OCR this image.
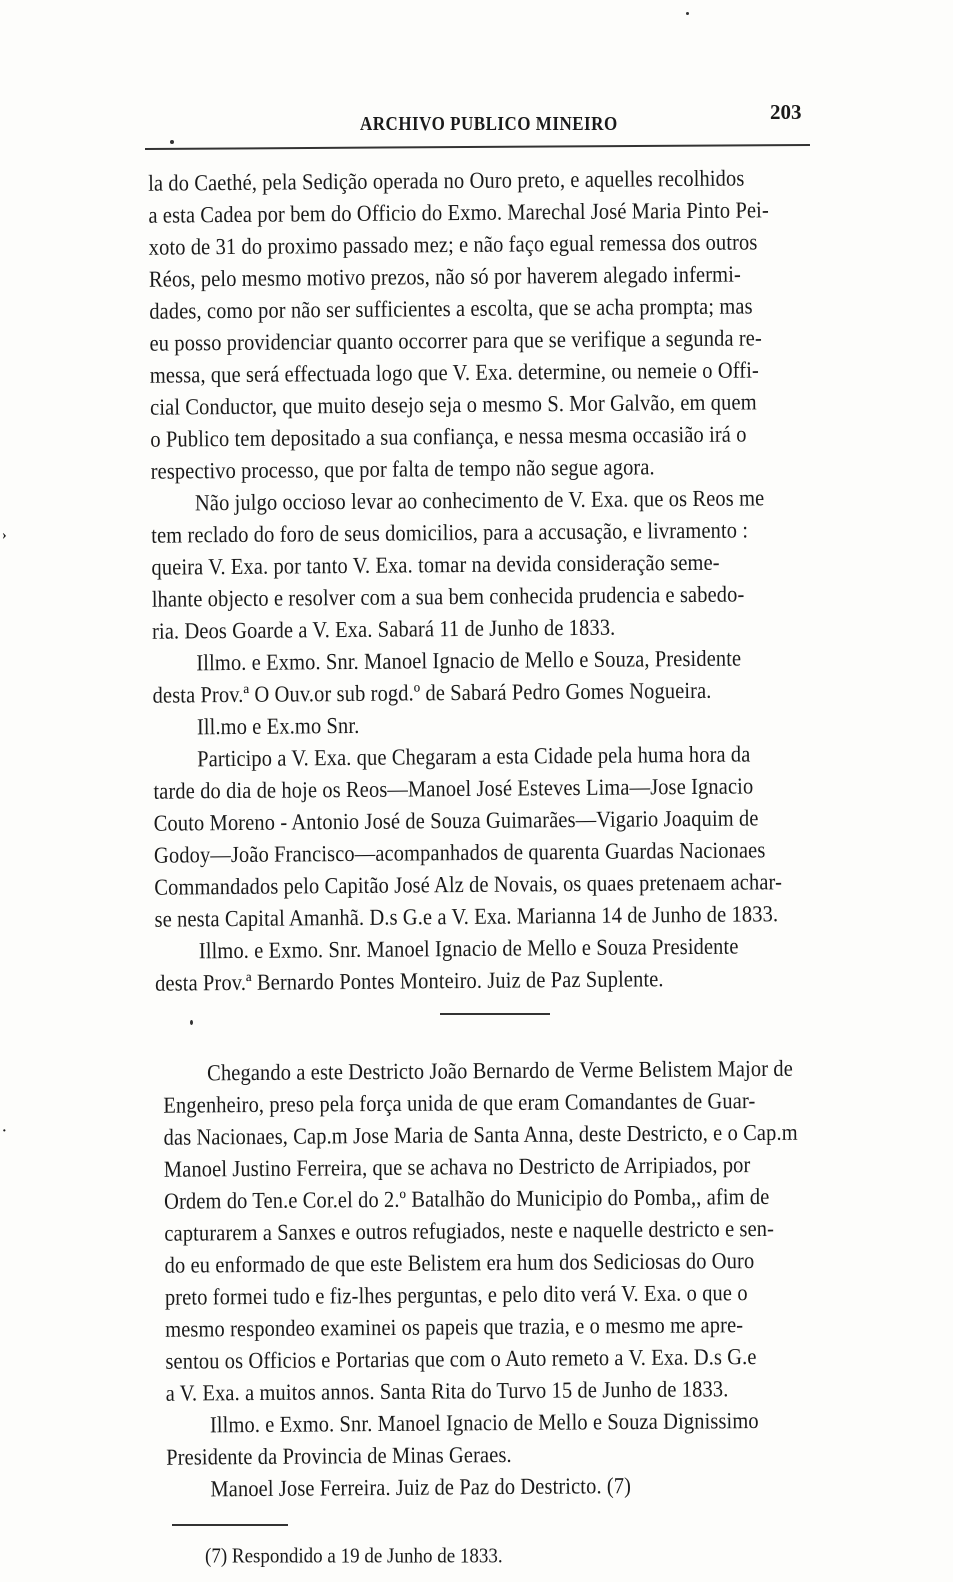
203
ARCHIVO PUBLICO MINEIRO
›
·
la do Caethé, pela Sedição operada no Ouro preto, e aquelles recolhidos
a esta Cadea por bem do Officio do Exmo. Marechal José Maria Pinto Pei-
xoto de 31 do proximo passado mez; e não faço egual remessa dos outros
Réos, pelo mesmo motivo prezos, não só por haverem alegado infermi-
dades, como por não ser sufficientes a escolta, que se acha prompta; mas
eu posso providenciar quanto occorrer para que se verifique a segunda re-
messa, que será effectuada logo que V. Exa. determine, ou nemeie o Offi-
cial Conductor, que muito desejo seja o mesmo S. Mor Galvão, em quem
o Publico tem depositado a sua confiança, e nessa mesma occasião irá o
respectivo processo, que por falta de tempo não segue agora.
Não julgo occioso levar ao conhecimento de V. Exa. que os Reos me
tem reclado do foro de seus domicilios, para a accusação, e livramento :
queira V. Exa. por tanto V. Exa. tomar na devida consideração seme-
lhante objecto e resolver com a sua bem conhecida prudencia e sabedo-
ria. Deos Goarde a V. Exa. Sabará 11 de Junho de 1833.
Illmo. e Exmo. Snr. Manoel Ignacio de Mello e Souza, Presidente
desta Prov.ª O Ouv.or sub rogd.º de Sabará Pedro Gomes Nogueira.
Ill.mo e Ex.mo Snr.
Participo a V. Exa. que Chegaram a esta Cidade pela huma hora da
tarde do dia de hoje os Reos—Manoel José Esteves Lima—Jose Ignacio
Couto Moreno - Antonio José de Souza Guimarães—Vigario Joaquim de
Godoy—João Francisco—acompanhados de quarenta Guardas Nacionaes
Commandados pelo Capitão José Alz de Novais, os quaes pretenaem achar-
se nesta Capital Amanhã. D.s G.e a V. Exa. Marianna 14 de Junho de 1833.
Illmo. e Exmo. Snr. Manoel Ignacio de Mello e Souza Presidente
desta Prov.ª Bernardo Pontes Monteiro. Juiz de Paz Suplente.
Chegando a este Destricto João Bernardo de Verme Belistem Major de
Engenheiro, preso pela força unida de que eram Comandantes de Guar-
das Nacionaes, Cap.m Jose Maria de Santa Anna, deste Destricto, e o Cap.m
Manoel Justino Ferreira, que se achava no Destricto de Arripiados, por
Ordem do Ten.e Cor.el do 2.º Batalhão do Municipio do Pomba,, afim de
capturarem a Sanxes e outros refugiados, neste e naquelle destricto e sen-
do eu enformado de que este Belistem era hum dos Sediciosas do Ouro
preto formei tudo e fiz-lhes perguntas, e pelo dito verá V. Exa. o que o
mesmo respondeo examinei os papeis que trazia, e o mesmo me apre-
sentou os Officios e Portarias que com o Auto remeto a V. Exa. D.s G.e
a V. Exa. a muitos annos. Santa Rita do Turvo 15 de Junho de 1833.
Illmo. e Exmo. Snr. Manoel Ignacio de Mello e Souza Dignissimo
Presidente da Provincia de Minas Geraes.
Manoel Jose Ferreira. Juiz de Paz do Destricto. (7)
(7) Respondido a 19 de Junho de 1833.
